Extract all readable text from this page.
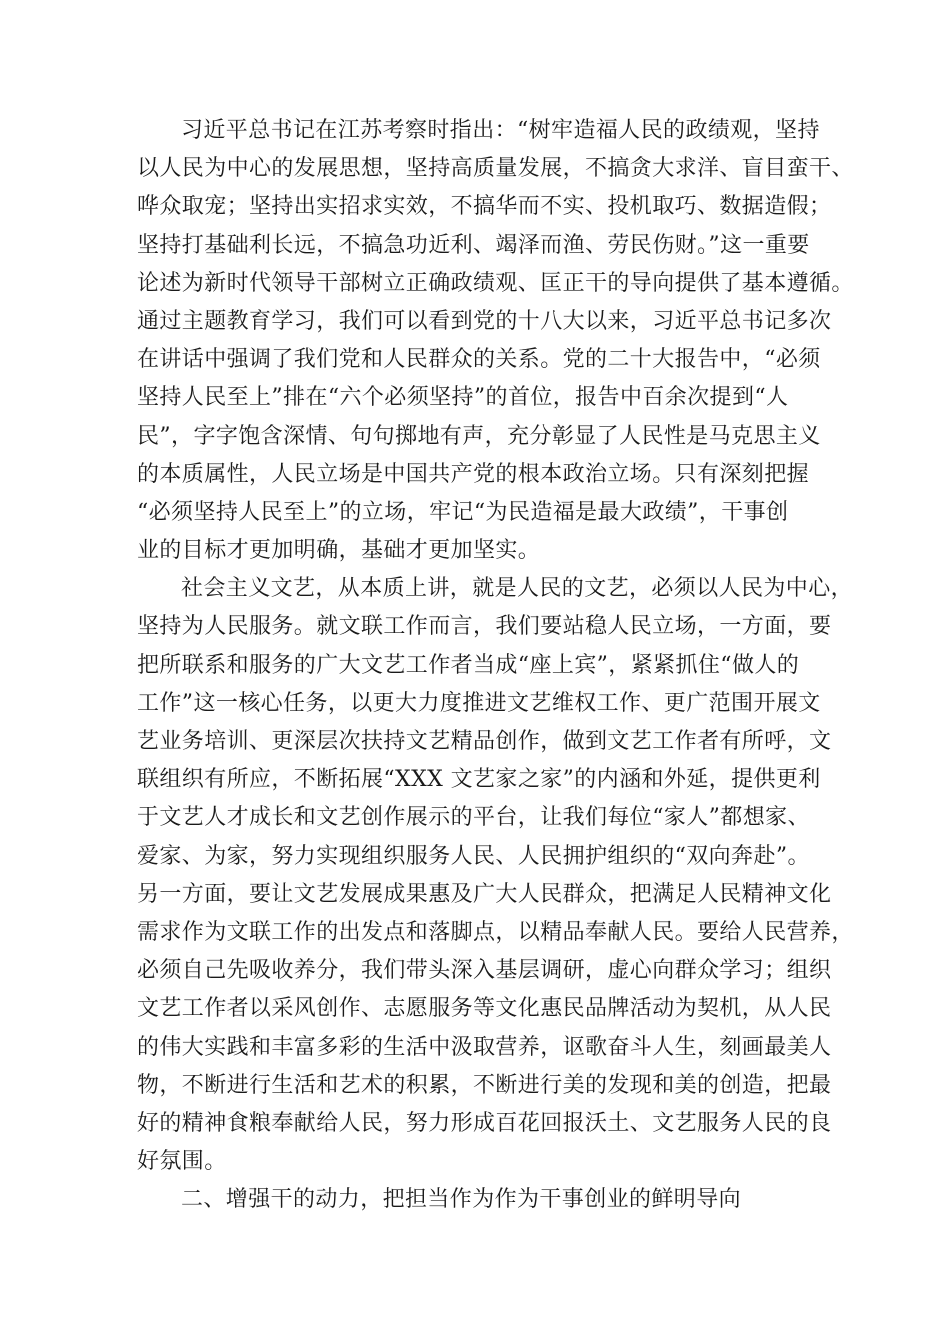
习近平总书记在江苏考察时指出：“树牢造福人民的政绩观，坚持
以人民为中心的发展思想，坚持高质量发展，不搞贪大求洋、盲目蛮干、
哗众取宠；坚持出实招求实效，不搞华而不实、投机取巧、数据造假；
坚持打基础利长远，不搞急功近利、竭泽而渔、劳民伤财。”这一重要
论述为新时代领导干部树立正确政绩观、匡正干的导向提供了基本遵循。
通过主题教育学习，我们可以看到党的十八大以来，习近平总书记多次
在讲话中强调了我们党和人民群众的关系。党的二十大报告中，“必须
坚持人民至上”排在“六个必须坚持”的首位，报告中百余次提到“人
民”，字字饱含深情、句句掷地有声，充分彰显了人民性是马克思主义
的本质属性，人民立场是中国共产党的根本政治立场。只有深刻把握
“必须坚持人民至上”的立场，牢记“为民造福是最大政绩”，干事创
业的目标才更加明确，基础才更加坚实。
社会主义文艺，从本质上讲，就是人民的文艺，必须以人民为中心，
坚持为人民服务。就文联工作而言，我们要站稳人民立场，一方面，要
把所联系和服务的广大文艺工作者当成“座上宾”，紧紧抓住“做人的
工作”这一核心任务，以更大力度推进文艺维权工作、更广范围开展文
艺业务培训、更深层次扶持文艺精品创作，做到文艺工作者有所呼，文
联组织有所应，不断拓展“XXX 文艺家之家”的内涵和外延，提供更利
于文艺人才成长和文艺创作展示的平台，让我们每位“家人”都想家、
爱家、为家，努力实现组织服务人民、人民拥护组织的“双向奔赴”。
另一方面，要让文艺发展成果惠及广大人民群众，把满足人民精神文化
需求作为文联工作的出发点和落脚点，以精品奉献人民。要给人民营养，
必须自己先吸收养分，我们带头深入基层调研，虚心向群众学习；组织
文艺工作者以采风创作、志愿服务等文化惠民品牌活动为契机，从人民
的伟大实践和丰富多彩的生活中汲取营养，讴歌奋斗人生，刻画最美人
物，不断进行生活和艺术的积累，不断进行美的发现和美的创造，把最
好的精神食粮奉献给人民，努力形成百花回报沃土、文艺服务人民的良
好氛围。
二、增强干的动力，把担当作为作为干事创业的鲜明导向
